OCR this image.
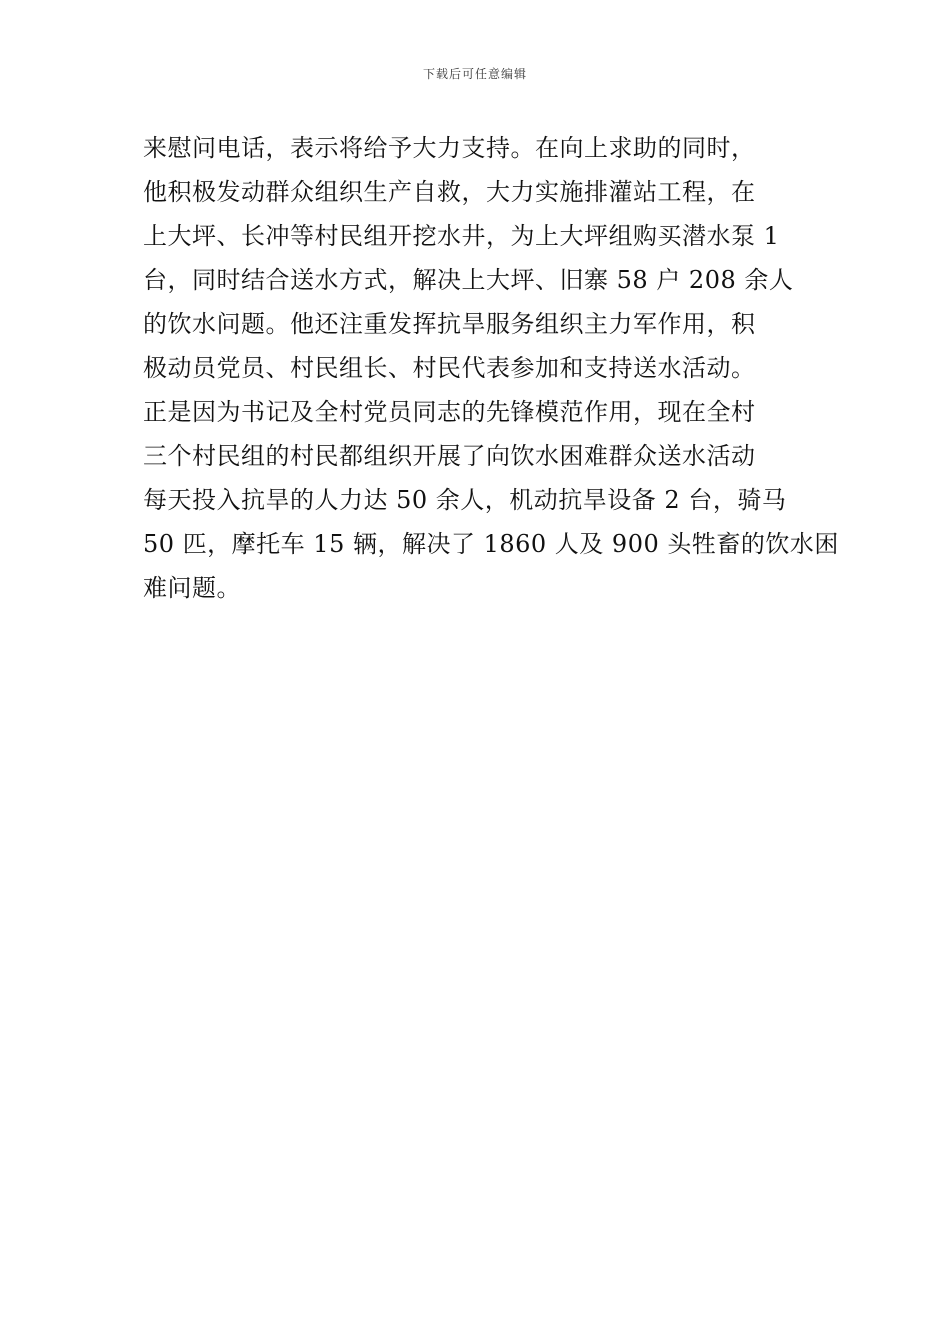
下载后可任意编辑
来慰问电话，表示将给予大力支持。在向上求助的同时，
他积极发动群众组织生产自救，大力实施排灌站工程，在
上大坪、长冲等村民组开挖水井，为上大坪组购买潜水泵 1
台，同时结合送水方式，解决上大坪、旧寨 58 户 208 余人
的饮水问题。他还注重发挥抗旱服务组织主力军作用，积
极动员党员、村民组长、村民代表参加和支持送水活动。
正是因为书记及全村党员同志的先锋模范作用，现在全村
三个村民组的村民都组织开展了向饮水困难群众送水活动
每天投入抗旱的人力达 50 余人，机动抗旱设备 2 台，骑马
50 匹，摩托车 15 辆，解决了 1860 人及 900 头牲畜的饮水困
难问题。
